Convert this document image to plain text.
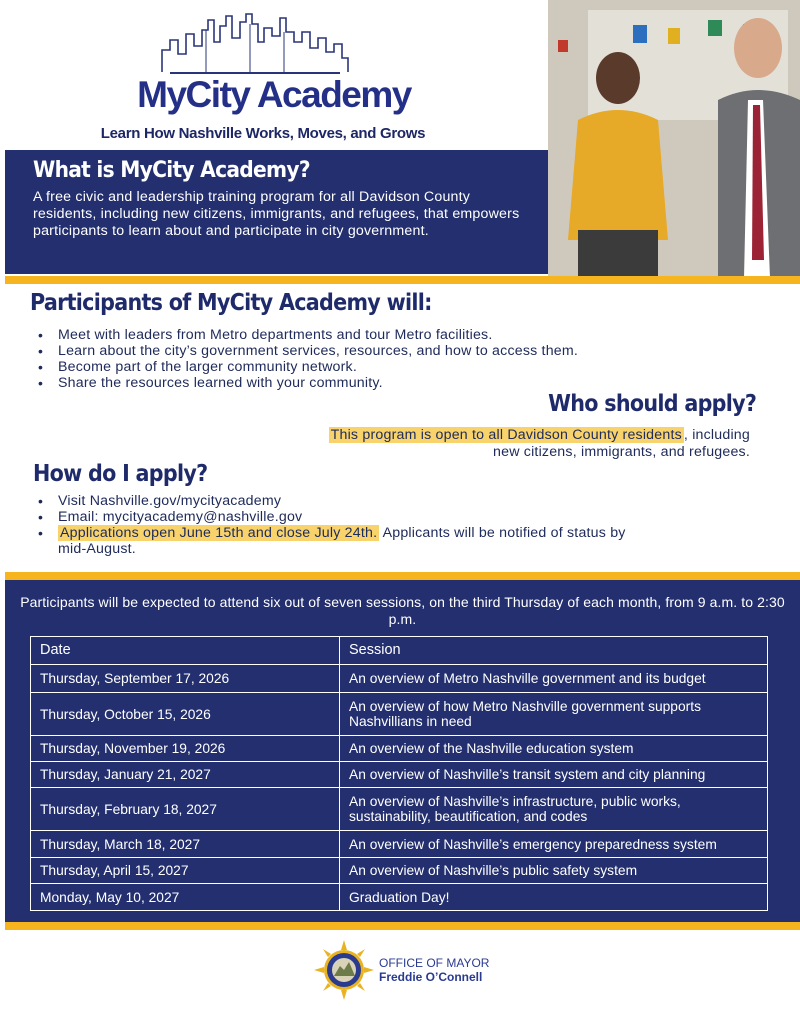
MyCity Academy
Learn How Nashville Works, Moves, and Grows
What is MyCity Academy?

A free civic and leadership training program for all Davidson County residents, including new citizens, immigrants, and refugees, that empowers participants to learn about and participate in city government.

Participants of MyCity Academy will:
• Meet with leaders from Metro departments and tour Metro facilities.
• Learn about the city’s government services, resources, and how to access them.
• Become part of the larger community network.
• Share the resources learned with your community.
Who should apply?
This program is open to all Davidson County residents , including new citizens, immigrants, and refugees.
How do I apply?
• Visit Nashville.gov/mycityacademy
• Email: mycityacademy@nashville.gov
• Applications open June 15th and close July 24th. Applicants will be notified of status by mid-August.
Participants will be expected to attend six out of seven sessions, on the third Thursday of each month, from 9 a.m. to 2:30 p.m.
Date	Session
Thursday, September 17, 2026	An overview of Metro Nashville government and its budget
Thursday, October 15, 2026	An overview of how Metro Nashville government supports Nashvillians in need
Thursday, November 19, 2026	An overview of the Nashville education system
Thursday, January 21, 2027	An overview of Nashville’s transit system and city planning
Thursday, February 18, 2027	An overview of Nashville’s infrastructure, public works, sustainability, beautification, and codes
Thursday, March 18, 2027	An overview of Nashville’s emergency preparedness system
Thursday, April 15, 2027	An overview of Nashville’s public safety system
Monday, May 10, 2027	Graduation Day!
OFFICE OF MAYOR
Freddie O’Connell
